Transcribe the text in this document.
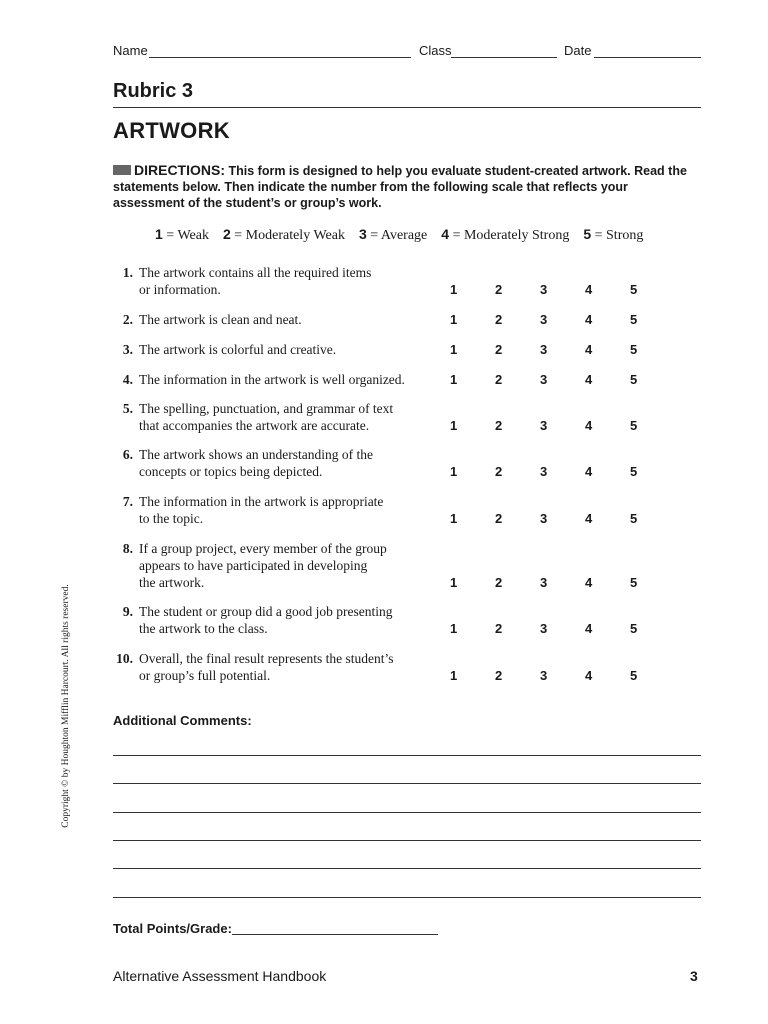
Name	Class	Date
Rubric 3
ARTWORK
DIRECTIONS: This form is designed to help you evaluate student-created artwork. Read the statements below. Then indicate the number from the following scale that reflects your assessment of the student’s or group’s work.
1 = Weak 2 = Moderately Weak 3 = Average 4 = Moderately Strong 5 = Strong
1. The artwork contains all the required items
or information.	1	2	3	4	5
2. The artwork is clean and neat.	1	2	3	4	5
3. The artwork is colorful and creative.	1	2	3	4	5
4. The information in the artwork is well organized.	1	2	3	4	5
5. The spelling, punctuation, and grammar of text
that accompanies the artwork are accurate.	1	2	3	4	5
6. The artwork shows an understanding of the
concepts or topics being depicted.	1	2	3	4	5
7. The information in the artwork is appropriate
to the topic.	1	2	3	4	5
8. If a group project, every member of the group
appears to have participated in developing
the artwork.	1	2	3	4	5
9. The student or group did a good job presenting
the artwork to the class.	1	2	3	4	5
10. Overall, the final result represents the student’s
or group’s full potential.	1	2	3	4	5
Additional Comments:
Total Points/Grade:
Alternative Assessment Handbook	3
Copyright © by Houghton Mifflin Harcourt. All rights reserved.
